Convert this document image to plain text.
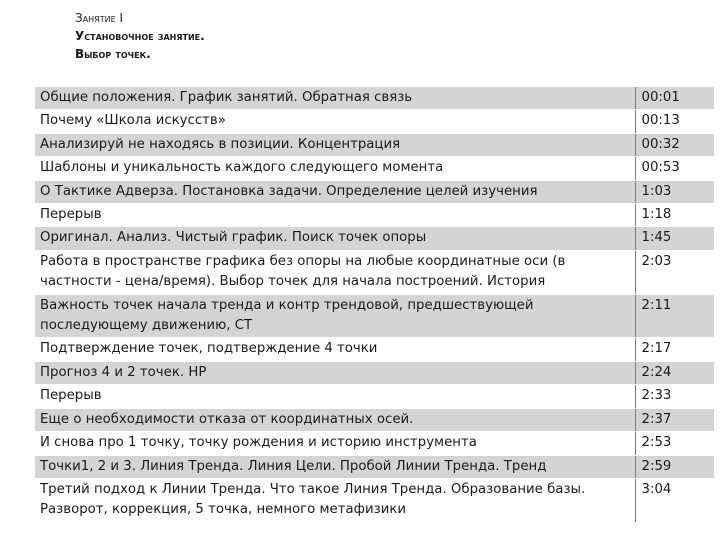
Занятие I
Установочное занятие.
Выбор точек.
Общие положения. График занятий. Обратная связь	00:01
Почему «Школа искусств»	00:13
Анализируй не находясь в позиции. Концентрация	00:32
Шаблоны и уникальность каждого следующего момента	00:53
О Тактике Адверза. Постановка задачи. Определение целей изучения	1:03
Перерыв	1:18
Оригинал. Анализ. Чистый график. Поиск точек опоры	1:45
Работа в пространстве графика без опоры на любые координатные оси (в частности - цена/время). Выбор точек для начала построений. История	2:03
Важность точек начала тренда и контр трендовой, предшествующей последующему движению, СТ	2:11
Подтверждение точек, подтверждение 4 точки	2:17
Прогноз 4 и 2 точек. НР	2:24
Перерыв	2:33
Еще о необходимости отказа от координатных осей.	2:37
И снова про 1 точку, точку рождения и историю инструмента	2:53
Точки1, 2 и 3. Линия Тренда. Линия Цели. Пробой Линии Тренда. Тренд	2:59
Третий подход к Линии Тренда. Что такое Линия Тренда. Образование базы. Разворот, коррекция, 5 точка, немного метафизики	3:04
